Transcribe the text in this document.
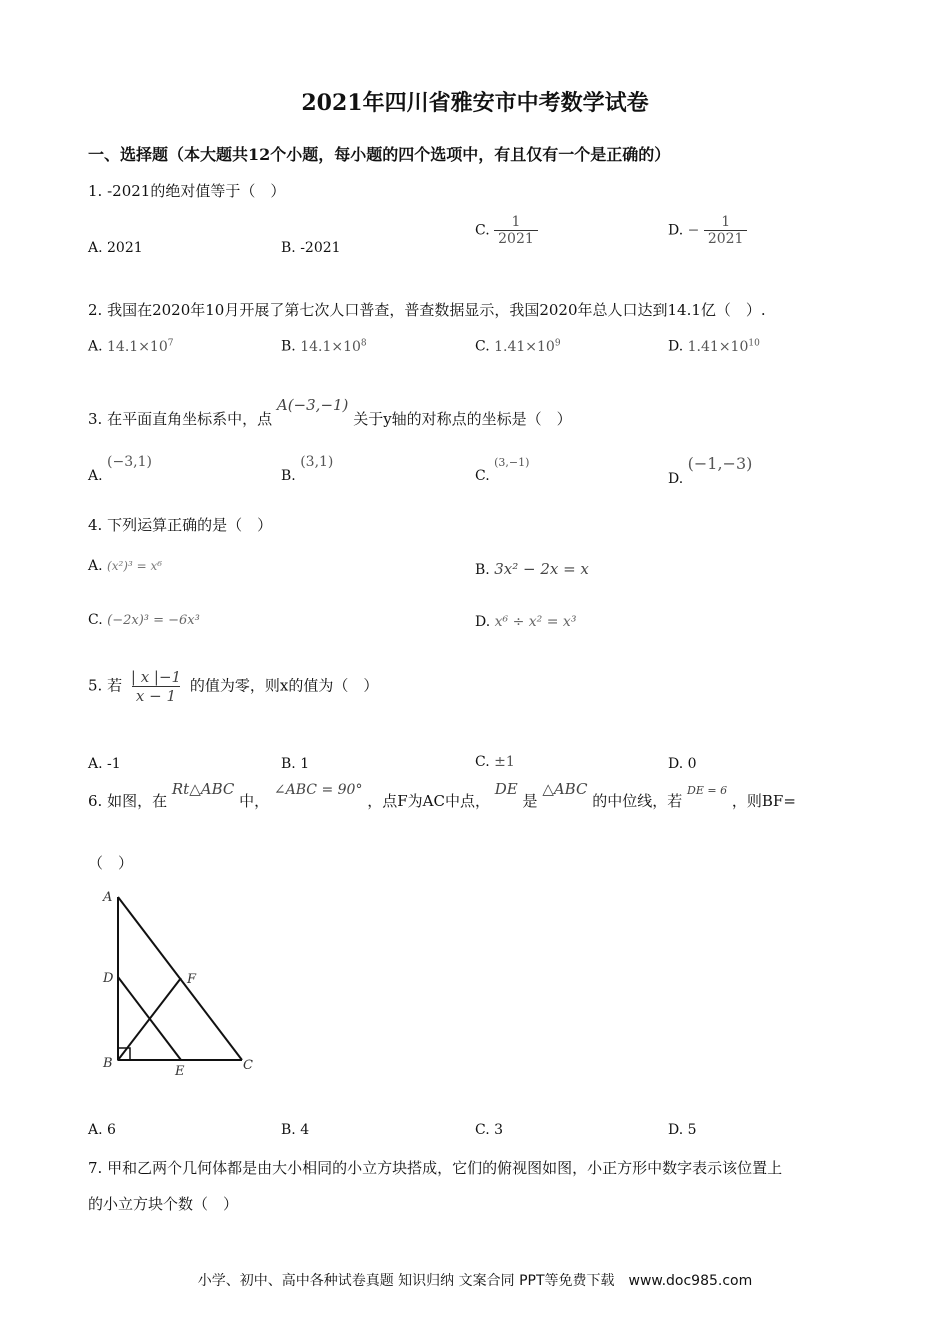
2021年四川省雅安市中考数学试卷
一、选择题（本大题共12个小题，每小题的四个选项中，有且仅有一个是正确的）
1. -2021的绝对值等于（　）
A. 2021	B. -2021
C. $\frac{1}{2021}$	D. − $\frac{1}{2021}$
2. 我国在2020年10月开展了第七次人口普查，普查数据显示，我国2020年总人口达到14.1亿（　）.
A. $14.1\times 10^7$	B. $14.1\times 10^8$	C. $1.41\times 10^9$	D. $1.41\times 10^{10}$
3. 在平面直角坐标系中，点 A(−3,−1) 关于y轴的对称点的坐标是（　）
A. (−3,1)
B. (3,1)
C. (3,−1)
D. (−1,−3)
4. 下列运算正确的是（　）
A. (x²)³ = x⁶	B. 3x² − 2x = x
C. (−2x)³ = −6x³	D. x⁶ ÷ x² = x³
5. 若 $\frac{| x |-1}{x - 1}$ 的值为零，则x的值为（　）
A. -1	B. 1	C. ±1	D. 0
6. 如图，在 Rt△ABC 中， ∠ABC = 90° ，点F为AC中点， DE 是 △ABC 的中位线，若 $^{DE = 6}$ ，则BF=
（　）
A
D
B
E	C
F
A. 6	B. 4	C. 3	D. 5
7. 甲和乙两个几何体都是由大小相同的小立方块搭成，它们的俯视图如图，小正方形中数字表示该位置上
的小立方块个数（　）
小学、初中、高中各种试卷真题 知识归纳 文案合同 PPT等免费下载　www.doc985.com
